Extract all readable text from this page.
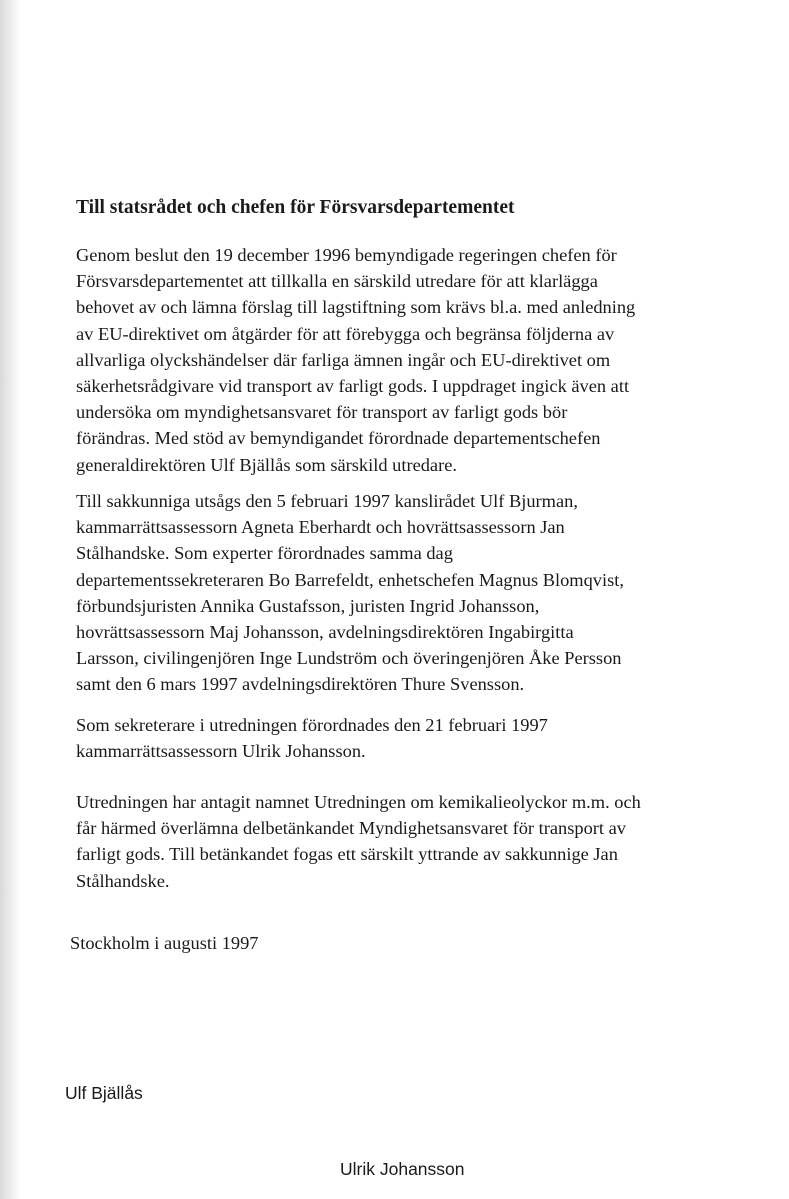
Till statsrådet och chefen för Försvarsdepartementet

Genom beslut den 19 december 1996 bemyndigade regeringen chefen för
Försvarsdepartementet att tillkalla en särskild utredare för att klarlägga
behovet av och lämna förslag till lagstiftning som krävs bl.a. med anledning
av EU-direktivet om åtgärder för att förebygga och begränsa följderna av
allvarliga olyckshändelser där farliga ämnen ingår och EU-direktivet om
säkerhetsrådgivare vid transport av farligt gods. I uppdraget ingick även att
undersöka om myndighetsansvaret för transport av farligt gods bör
förändras. Med stöd av bemyndigandet förordnade departementschefen
generaldirektören Ulf Bjällås som särskild utredare.

Till sakkunniga utsågs den 5 februari 1997 kanslirådet Ulf Bjurman,
kammarrättsassessorn Agneta Eberhardt och hovrättsassessorn Jan
Stålhandske. Som experter förordnades samma dag
departementssekreteraren Bo Barrefeldt, enhetschefen Magnus Blomqvist,
förbundsjuristen Annika Gustafsson, juristen Ingrid Johansson,
hovrättsassessorn Maj Johansson, avdelningsdirektören Ingabirgitta
Larsson, civilingenjören Inge Lundström och överingenjören Åke Persson
samt den 6 mars 1997 avdelningsdirektören Thure Svensson.

Som sekreterare i utredningen förordnades den 21 februari 1997
kammarrättsassessorn Ulrik Johansson.

Utredningen har antagit namnet Utredningen om kemikalieolyckor m.m. och
får härmed överlämna delbetänkandet Myndighetsansvaret för transport av
farligt gods. Till betänkandet fogas ett särskilt yttrande av sakkunnige Jan
Stålhandske.

Stockholm i augusti 1997

Ulf Bjällås

Ulrik Johansson
